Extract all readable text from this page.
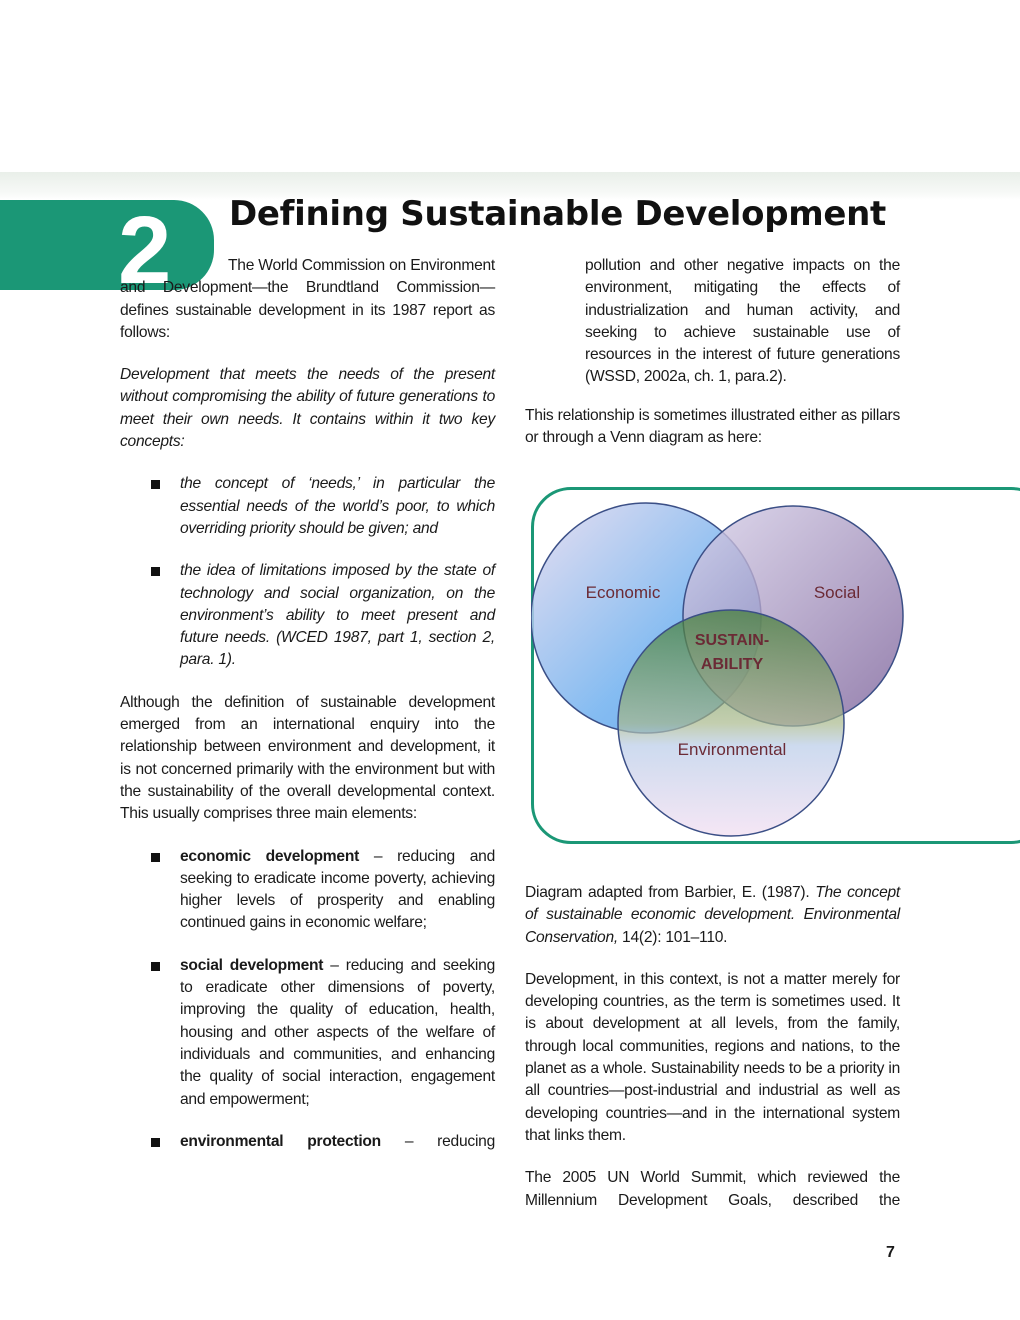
2 Defining Sustainable Development

The World Commission on Environment and Development—the Brundtland Commission—defines sustainable development in its 1987 report as follows:

Development that meets the needs of the present without compromising the ability of future generations to meet their own needs. It contains within it two key concepts:

the concept of ‘needs,’ in particular the essential needs of the world’s poor, to which overriding priority should be given; and
the idea of limitations imposed by the state of technology and social organization, on the environment’s ability to meet present and future needs. (WCED 1987, part 1, section 2, para. 1).

Although the definition of sustainable development emerged from an international enquiry into the relationship between environment and development, it is not concerned primarily with the environment but with the sustainability of the overall developmental context. This usually comprises three main elements:

economic development – reducing and seeking to eradicate income poverty, achieving higher levels of prosperity and enabling continued gains in economic welfare;
social development – reducing and seeking to eradicate other dimensions of poverty, improving the quality of education, health, housing and other aspects of the welfare of individuals and communities, and enhancing the quality of social interaction, engagement and empowerment;
environmental protection – reducing

pollution and other negative impacts on the environment, mitigating the effects of industrialization and human activity, and seeking to achieve sustainable use of resources in the interest of future generations (WSSD, 2002a, ch. 1, para.2).

This relationship is sometimes illustrated either as pillars or through a Venn diagram as here:

Economic	Social
Environmental
SUSTAIN-
ABILITY

Diagram adapted from Barbier, E. (1987). The concept of sustainable economic development. Environmental Conservation, 14(2): 101–110.

Development, in this context, is not a matter merely for developing countries, as the term is sometimes used. It is about development at all levels, from the family, through local communities, regions and nations, to the planet as a whole. Sustainability needs to be a priority in all countries—post-industrial and industrial as well as developing countries—and in the international system that links them.

The 2005 UN World Summit, which reviewed the Millennium Development Goals, described the

7
